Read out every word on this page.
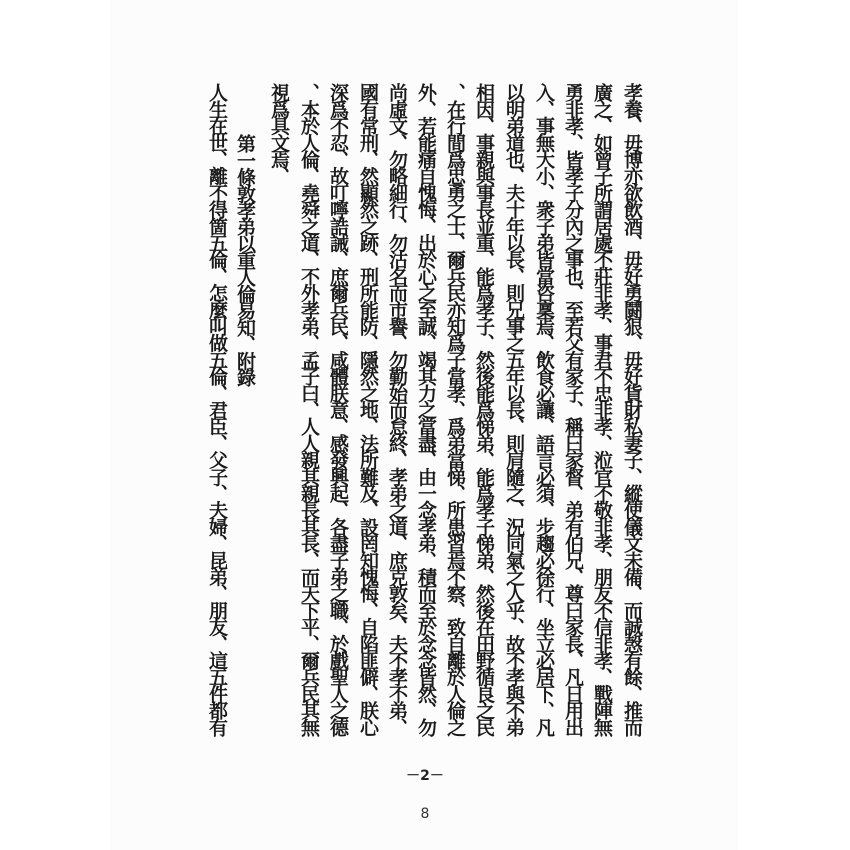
孝養、毋博亦欲飲酒、毋好勇鬪狠、毋好貨財私妻子、縱使儀文未備、而誠愨有餘、推而
廣之、如曾子所謂居處不莊非孝、事君不忠非孝、涖官不敬非孝、朋友不信非孝、戰陣無
勇非孝、皆孝子分內之事也、至若父有家子、稱曰家督、弟有伯兄、尊曰家長、凡日用出
入、事無大小、衆子弟皆當咨稟焉、飲食必讓、語言必須、步趨必徐行、坐立必居下、凡
以明弟道也、夫十年以長、則兄事之五年以長、則肩隨之、況同氣之人乎、故不孝與不弟
相因、事親與事長並重、能爲孝子、然後能爲悌弟、能爲孝子悌弟、然後在田野循良之民
、在行間爲忠勇之士、爾兵民亦知爲子當孝、爲弟當悌、所患習焉不察、致自離於人倫之
外、若能痛自愧悔、出於心之至誠、竭其力之當盡、由一念孝弟、積而至於念念皆然、勿
尚虛文、勿略細行、勿沽名而市譽、勿勤始而怠終、孝弟之道、庶克敦矣、夫不孝不弟、
國有常刑、然顯然之跡、刑所能防、隱然之地、法所難及、設罔知愧悔、自陷匪僻、朕心
深爲不忍、故叮嚀誥誡、庶爾兵民、咸體朕意、感發興起、各盡子弟之職、於戲聖人之德
、本於人倫、堯舜之道、不外孝弟、孟子曰、人人親其親長其長、而天下平、爾兵民其無
視爲具文焉、
第一條敦孝弟以重人倫易知、附錄
人生在世、離不得箇五倫、怎麼叫做五倫、君臣、父子、夫婦、昆弟、朋友、這五件都有
－2－
8
